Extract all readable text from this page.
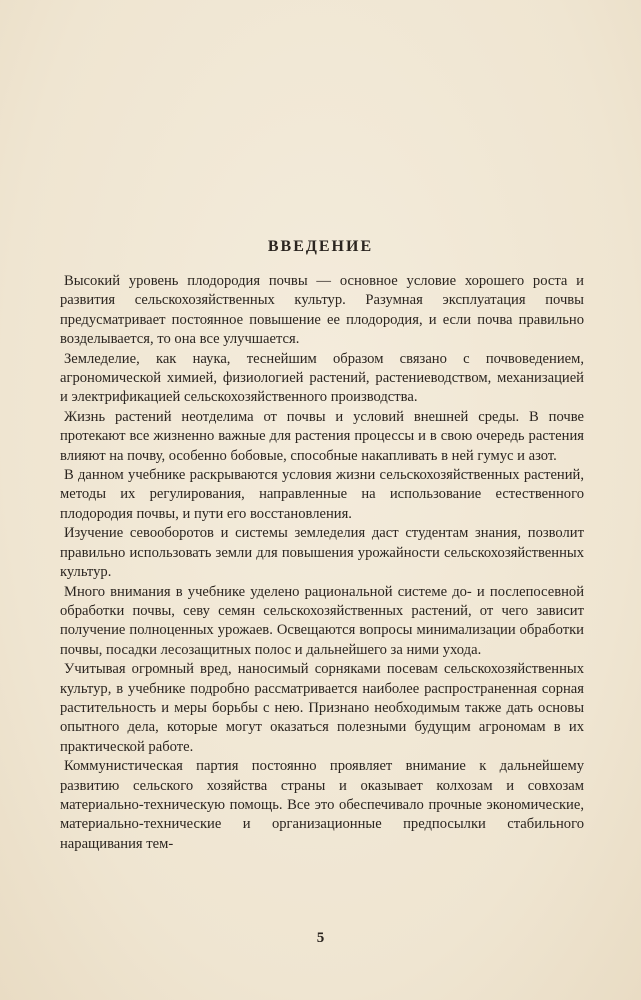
ВВЕДЕНИЕ

Высокий уровень плодородия почвы — основное условие хорошего роста и развития сельскохозяйственных культур. Разумная эксплуатация почвы предусматривает постоянное повышение ее плодородия, и если почва правильно возделывается, то она все улучшается.

Земледелие, как наука, теснейшим образом связано с почвоведением, агрономической химией, физиологией растений, растениеводством, механизацией и электрификацией сельскохозяйственного производства.

Жизнь растений неотделима от почвы и условий внешней среды. В почве протекают все жизненно важные для растения процессы и в свою очередь растения влияют на почву, особенно бобовые, способные накапливать в ней гумус и азот.

В данном учебнике раскрываются условия жизни сельскохозяйственных растений, методы их регулирования, направленные на использование естественного плодородия почвы, и пути его восстановления.

Изучение севооборотов и системы земледелия даст студентам знания, позволит правильно использовать земли для повышения урожайности сельскохозяйственных культур.

Много внимания в учебнике уделено рациональной системе до- и послепосевной обработки почвы, севу семян сельскохозяйственных растений, от чего зависит получение полноценных урожаев. Освещаются вопросы минимализации обработки почвы, посадки лесозащитных полос и дальнейшего за ними ухода.

Учитывая огромный вред, наносимый сорняками посевам сельскохозяйственных культур, в учебнике подробно рассматривается наиболее распространенная сорная растительность и меры борьбы с нею. Признано необходимым также дать основы опытного дела, которые могут оказаться полезными будущим агрономам в их практической работе.

Коммунистическая партия постоянно проявляет внимание к дальнейшему развитию сельского хозяйства страны и оказывает колхозам и совхозам материально-техническую помощь. Все это обеспечивало прочные экономические, материально-технические и организационные предпосылки стабильного наращивания тем-

5
